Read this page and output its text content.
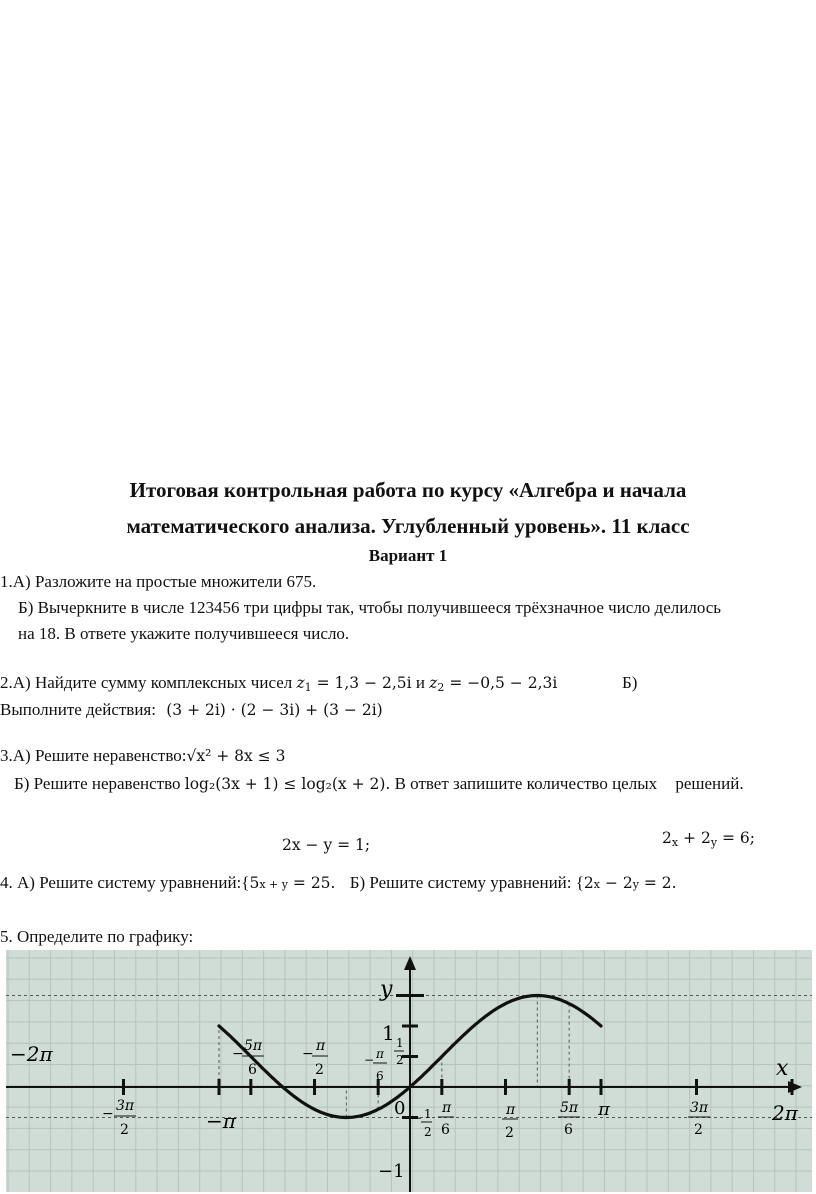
Итоговая контрольная работа по курсу «Алгебра и начала
математического анализа. Углубленный уровень». 11 класс
Вариант 1
1.А) Разложите на простые множители 675.
Б) Вычеркните в числе 123456 три цифры так, чтобы получившееся трёхзначное число делилось
на 18. В ответе укажите получившееся число.
2.А) Найдите сумму комплексных чисел $z_1 = 1,3 - 2,5i$ и $z_2 = -0,5 - 2,3i$	Б)
Выполните действия: (3 + 2i) · (2 − 3i) + (3 − 2i)
3.А) Решите неравенство:√x² + 8x ≤ 3
Б) Решите неравенство log₂(3x + 1) ≤ log₂(x + 2). В ответ запишите количество целых решений.
2x − y = 1;	$2_x + 2_y = 6$;
4. А) Решите систему уравнений:{5x + y = 25. Б) Решите систему уравнений: {2x − 2y = 2.
5. Определите по графику:
y
x
1
−1
0
−2π
2π
−π	π
1
2
− 1
2
− 5π
6
− π
2
− π
6
− 3π
2
π
6
π
2
5π
6
3π
2
